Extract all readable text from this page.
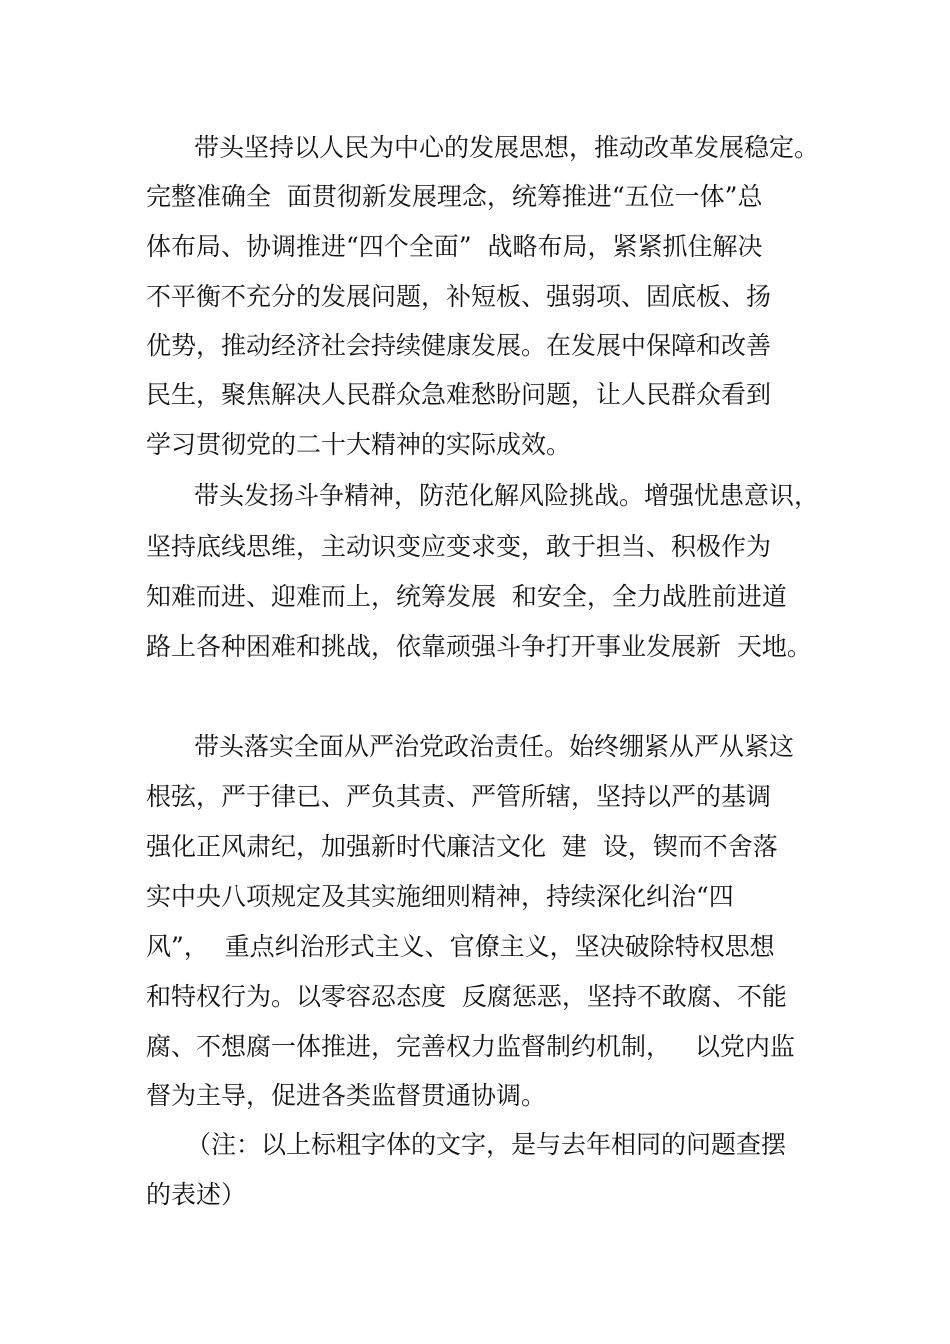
带头坚持以人民为中心的发展思想，推动改革发展稳定。

完整准确全  面贯彻新发展理念，统筹推进“五位一体”总

体布局、协调推进“四个全面”  战略布局，紧紧抓住解决

不平衡不充分的发展问题，补短板、强弱项、固底板、扬

优势，推动经济社会持续健康发展。在发展中保障和改善

民生，聚焦解决人民群众急难愁盼问题，让人民群众看到

学习贯彻党的二十大精神的实际成效。

带头发扬斗争精神，防范化解风险挑战。增强忧患意识，

坚持底线思维，主动识变应变求变，敢于担当、积极作为

知难而进、迎难而上，统筹发展  和安全，全力战胜前进道

路上各种困难和挑战，依靠顽强斗争打开事业发展新  天地。

带头落实全面从严治党政治责任。始终绷紧从严从紧这

根弦，严于律已、严负其责、严管所辖，坚持以严的基调

强化正风肃纪，加强新时代廉洁文化  建  设，锲而不舍落

实中央八项规定及其实施细则精神，持续深化纠治“四

风”，  重点纠治形式主义、官僚主义，坚决破除特权思想

和特权行为。以零容忍态度  反腐惩恶，坚持不敢腐、不能

腐、不想腐一体推进，完善权力监督制约机制，   以党内监

督为主导，促进各类监督贯通协调。

（注：以上标粗字体的文字，是与去年相同的问题查摆

的表述）
